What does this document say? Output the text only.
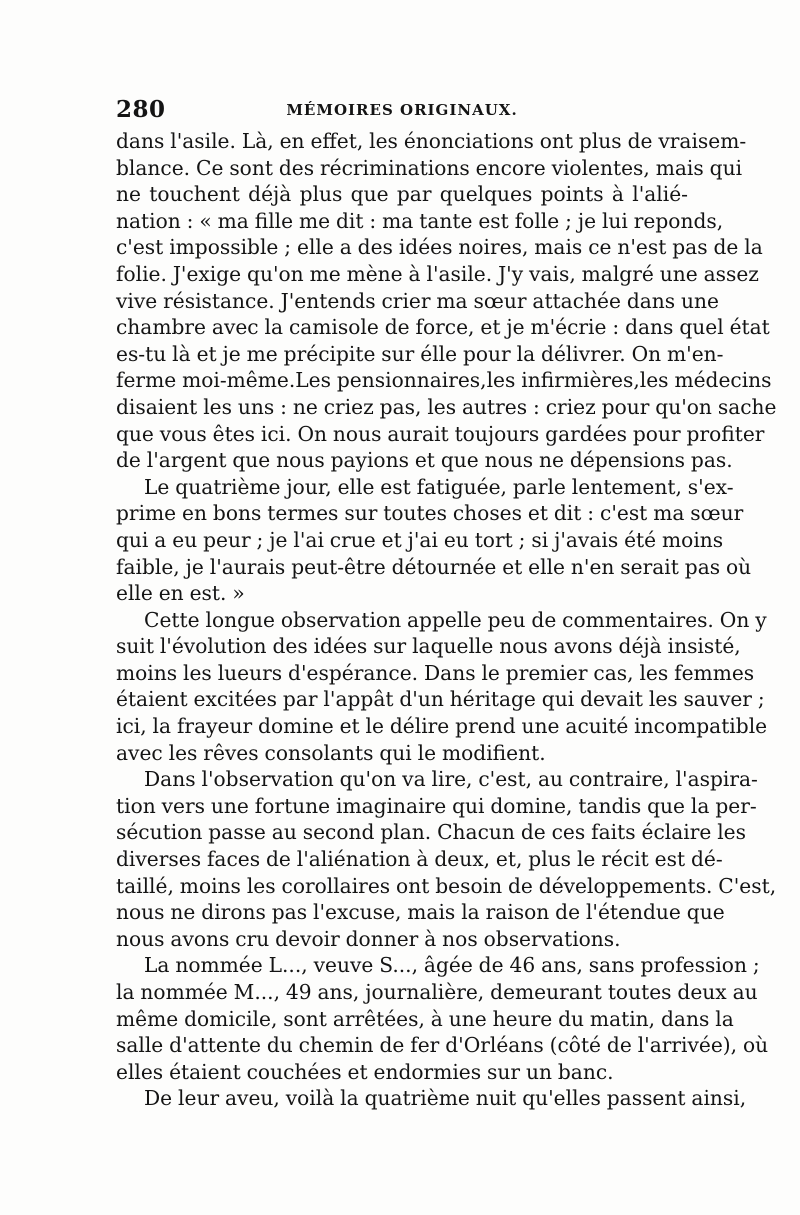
280	MÉMOIRES ORIGINAUX.
dans l'asile. Là, en effet, les énonciations ont plus de vraisem-
blance. Ce sont des récriminations encore violentes, mais qui
ne touchent déjà plus que par quelques points à l'alié-
nation : « ma fille me dit : ma tante est folle ; je lui reponds,
c'est impossible ; elle a des idées noires, mais ce n'est pas de la
folie. J'exige qu'on me mène à l'asile. J'y vais, malgré une assez
vive résistance. J'entends crier ma sœur attachée dans une
chambre avec la camisole de force, et je m'écrie : dans quel état
es-tu là et je me précipite sur élle pour la délivrer. On m'en-
ferme moi-même.Les pensionnaires,les infirmières,les médecins
disaient les uns : ne criez pas, les autres : criez pour qu'on sache
que vous êtes ici. On nous aurait toujours gardées pour profiter
de l'argent que nous payions et que nous ne dépensions pas.
Le quatrième jour, elle est fatiguée, parle lentement, s'ex-
prime en bons termes sur toutes choses et dit : c'est ma sœur
qui a eu peur ; je l'ai crue et j'ai eu tort ; si j'avais été moins
faible, je l'aurais peut-être détournée et elle n'en serait pas où
elle en est. »
Cette longue observation appelle peu de commentaires. On y
suit l'évolution des idées sur laquelle nous avons déjà insisté,
moins les lueurs d'espérance. Dans le premier cas, les femmes
étaient excitées par l'appât d'un héritage qui devait les sauver ;
ici, la frayeur domine et le délire prend une acuité incompatible
avec les rêves consolants qui le modifient.
Dans l'observation qu'on va lire, c'est, au contraire, l'aspira-
tion vers une fortune imaginaire qui domine, tandis que la per-
sécution passe au second plan. Chacun de ces faits éclaire les
diverses faces de l'aliénation à deux, et, plus le récit est dé-
taillé, moins les corollaires ont besoin de développements. C'est,
nous ne dirons pas l'excuse, mais la raison de l'étendue que
nous avons cru devoir donner à nos observations.
La nommée L..., veuve S..., âgée de 46 ans, sans profession ;
la nommée M..., 49 ans, journalière, demeurant toutes deux au
même domicile, sont arrêtées, à une heure du matin, dans la
salle d'attente du chemin de fer d'Orléans (côté de l'arrivée), où
elles étaient couchées et endormies sur un banc.
De leur aveu, voilà la quatrième nuit qu'elles passent ainsi,
